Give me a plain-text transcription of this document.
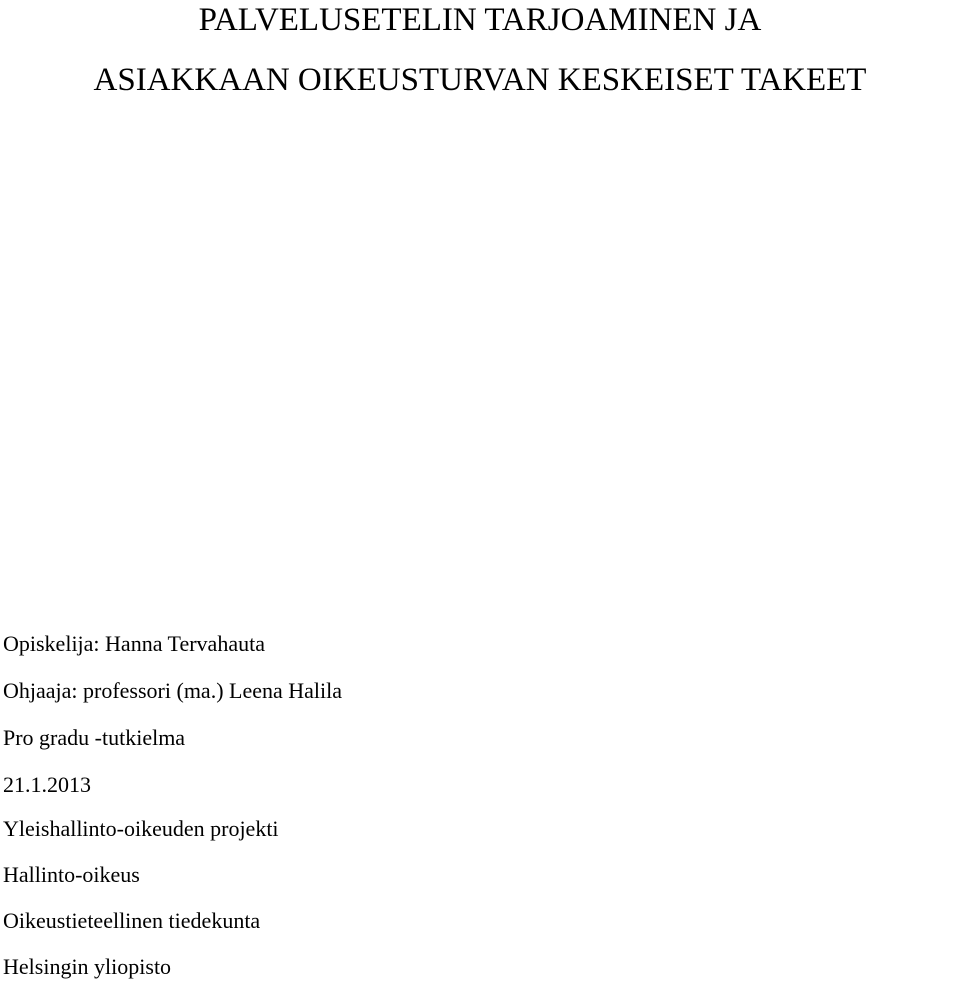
PALVELUSETELIN TARJOAMINEN JA
ASIAKKAAN OIKEUSTURVAN KESKEISET TAKEET
Opiskelija: Hanna Tervahauta
Ohjaaja: professori (ma.) Leena Halila
Pro gradu -tutkielma
21.1.2013
Yleishallinto-oikeuden projekti
Hallinto-oikeus
Oikeustieteellinen tiedekunta
Helsingin yliopisto
